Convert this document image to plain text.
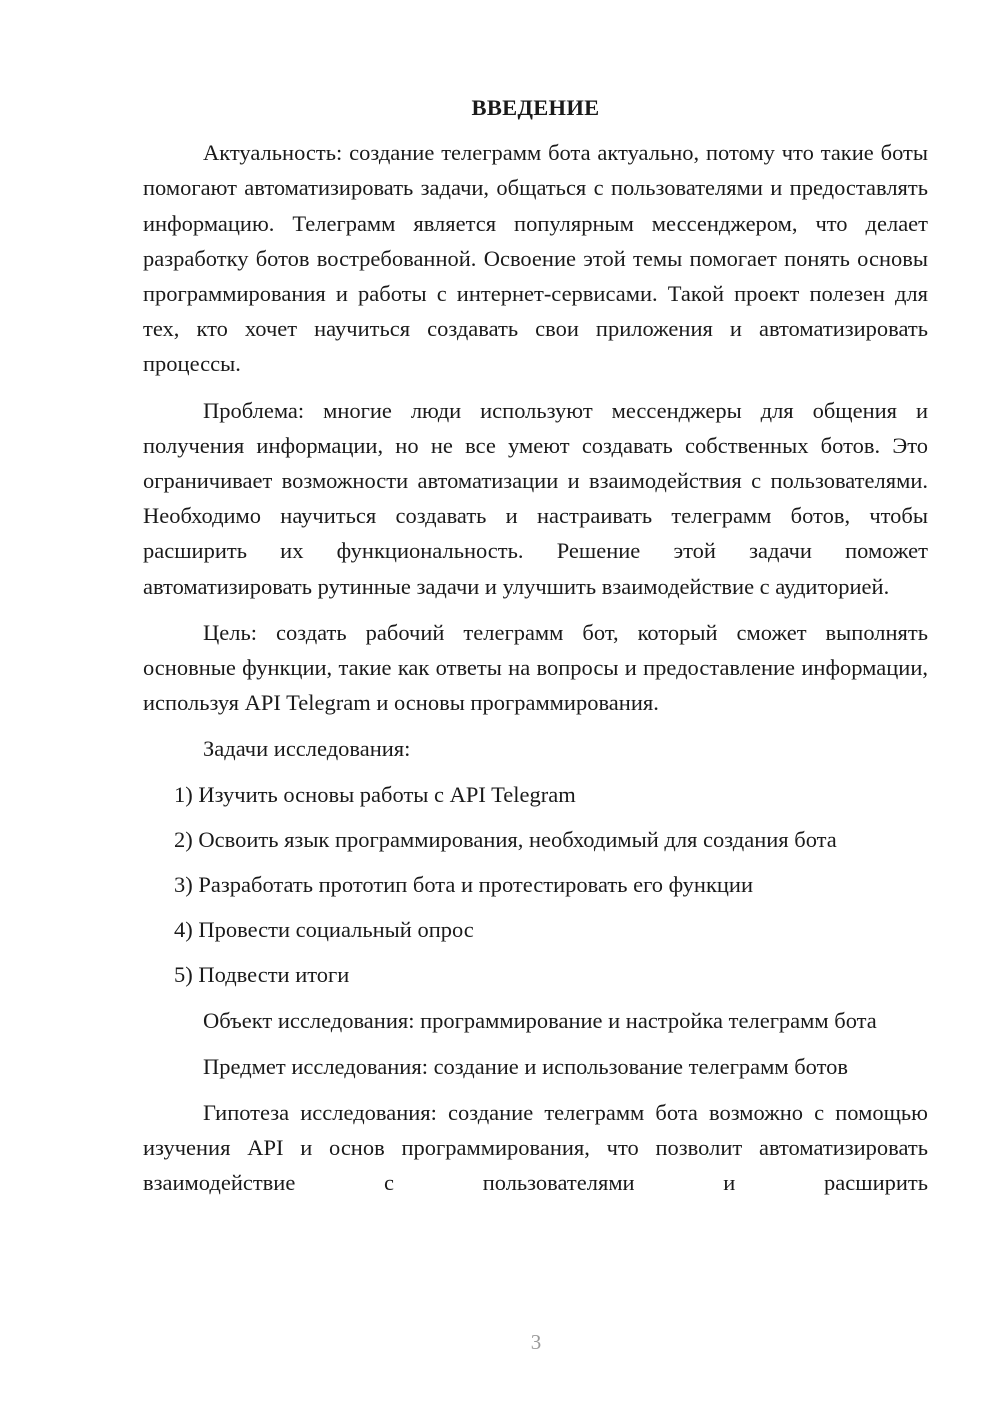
ВВЕДЕНИЕ

Актуальность: создание телеграмм бота актуально, потому что такие боты помогают автоматизировать задачи, общаться с пользователями и предоставлять информацию. Телеграмм является популярным мессенджером, что делает разработку ботов востребованной. Освоение этой темы помогает понять основы программирования и работы с интернет-сервисами. Такой проект полезен для тех, кто хочет научиться создавать свои приложения и автоматизировать процессы.

Проблема: многие люди используют мессенджеры для общения и получения информации, но не все умеют создавать собственных ботов. Это ограничивает возможности автоматизации и взаимодействия с пользователями. Необходимо научиться создавать и настраивать телеграмм ботов, чтобы расширить их функциональность. Решение этой задачи поможет автоматизировать рутинные задачи и улучшить взаимодействие с аудиторией.

Цель: создать рабочий телеграмм бот, который сможет выполнять основные функции, такие как ответы на вопросы и предоставление информации, используя API Telegram и основы программирования.

Задачи исследования:
1) Изучить основы работы с API Telegram
2) Освоить язык программирования, необходимый для создания бота
3) Разработать прототип бота и протестировать его функции
4) Провести социальный опрос
5) Подвести итоги

Объект исследования: программирование и настройка телеграмм бота

Предмет исследования: создание и использование телеграмм ботов

Гипотеза исследования: создание телеграмм бота возможно с помощью изучения API и основ программирования, что позволит автоматизировать взаимодействие с пользователями и расширить

3
